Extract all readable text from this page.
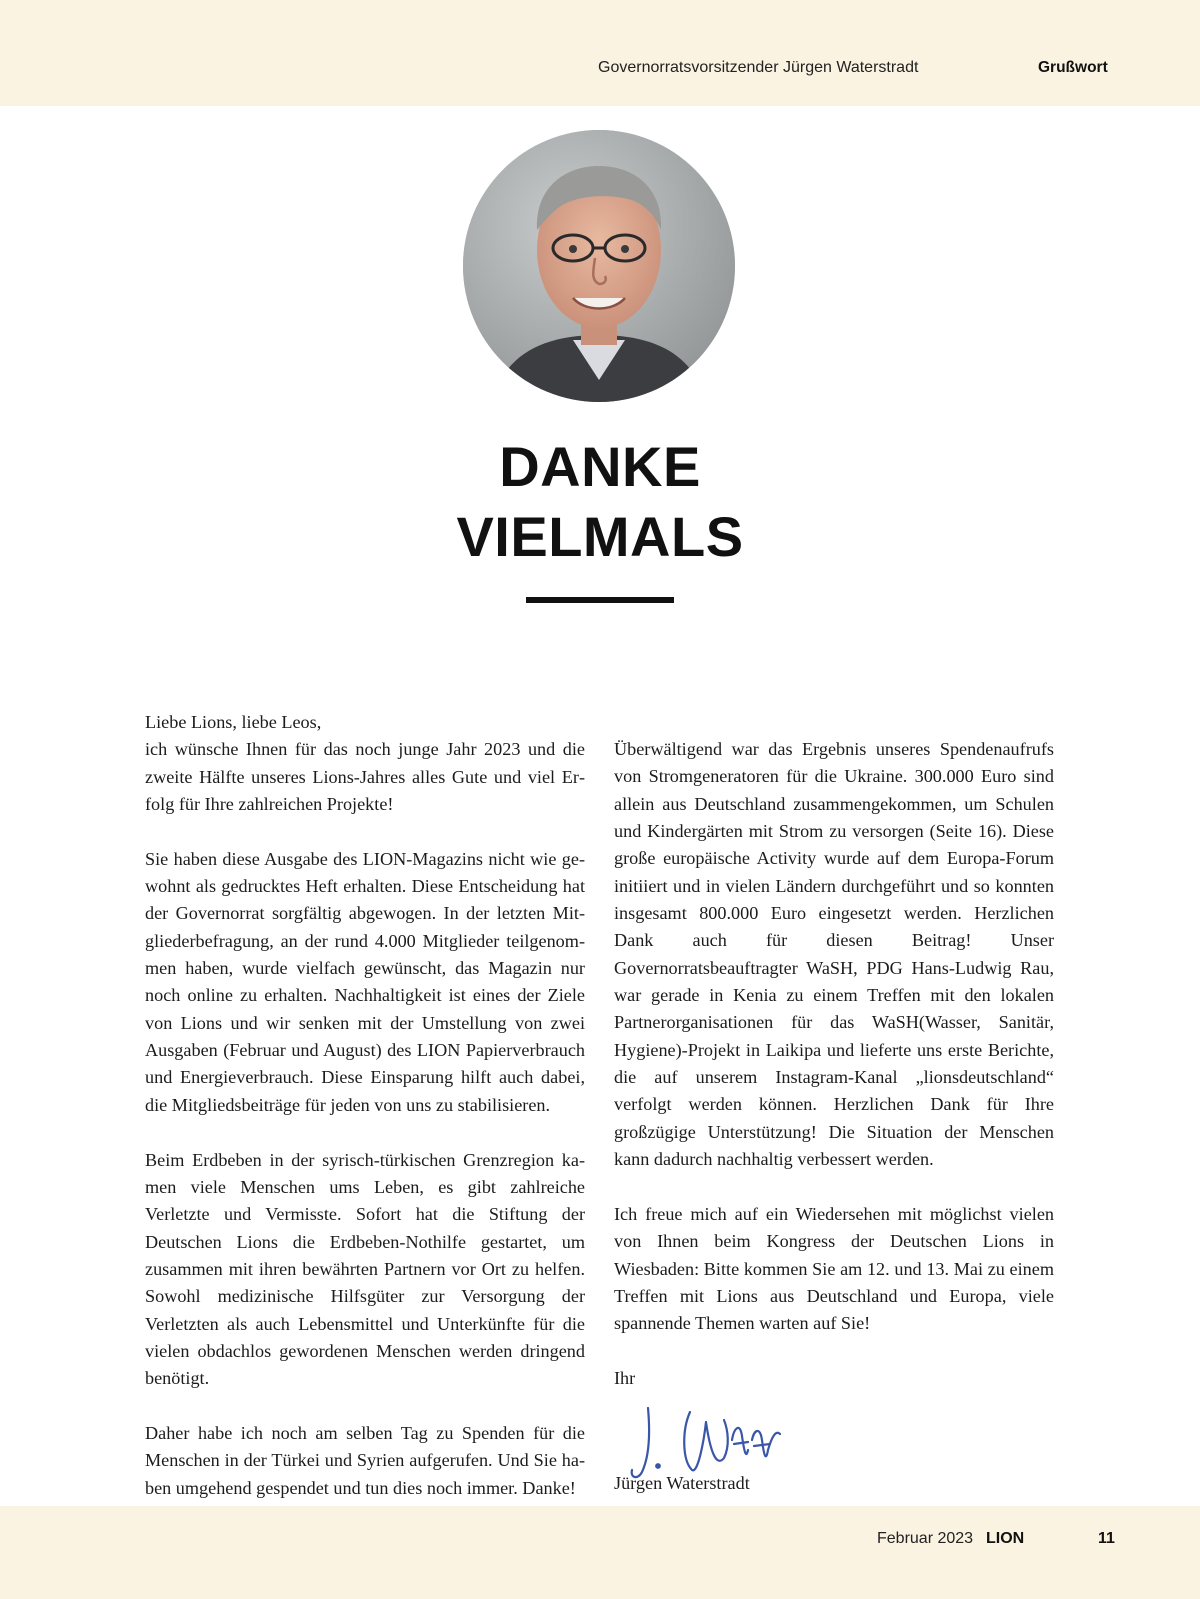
Governorratsvorsitzender Jürgen Waterstradt	Grußwort
DANKE
VIELMALS

Liebe Lions, liebe Leos,

ich wünsche Ihnen für das noch junge Jahr 2023 und die zweite Hälfte unseres Lions-Jahres alles Gute und viel Erfolg für Ihre zahlreichen Projekte!

Sie haben diese Ausgabe des LION-Magazins nicht wie gewohnt als gedrucktes Heft erhalten. Diese Entscheidung hat der Governorrat sorgfältig abgewogen. In der letzten Mitgliederbefragung, an der rund 4.000 Mitglieder teilgenommen haben, wurde vielfach gewünscht, das Magazin nur noch online zu erhalten. Nachhaltigkeit ist eines der Ziele von Lions und wir senken mit der Umstellung von zwei Ausgaben (Februar und August) des LION Papierverbrauch und Energieverbrauch. Diese Einsparung hilft auch dabei, die Mitgliedsbeiträge für jeden von uns zu stabilisieren.

Beim Erdbeben in der syrisch-türkischen Grenzregion kamen viele Menschen ums Leben, es gibt zahlreiche Verletzte und Vermisste. Sofort hat die Stiftung der Deutschen Lions die Erdbeben-Nothilfe gestartet, um zusammen mit ihren bewährten Partnern vor Ort zu helfen. Sowohl medizinische Hilfsgüter zur Versorgung der Verletzten als auch Lebensmittel und Unterkünfte für die vielen obdachlos gewordenen Menschen werden dringend benötigt.

Daher habe ich noch am selben Tag zu Spenden für die Menschen in der Türkei und Syrien aufgerufen. Und Sie haben umgehend gespendet und tun dies noch immer. Danke!

Überwältigend war das Ergebnis unseres Spendenaufrufs von Stromgeneratoren für die Ukraine. 300.000 Euro sind allein aus Deutschland zusammengekommen, um Schulen und Kindergärten mit Strom zu versorgen (Seite 16). Diese große europäische Activity wurde auf dem Europa-Forum initiiert und in vielen Ländern durchgeführt und so konnten insgesamt 800.000 Euro eingesetzt werden. Herzlichen Dank auch für diesen Beitrag! Unser Governorratsbeauftragter WaSH, PDG Hans-Ludwig Rau, war gerade in Kenia zu einem Treffen mit den lokalen Partnerorganisationen für das WaSH(Wasser, Sanitär, Hygiene)-Projekt in Laikipa und lieferte uns erste Berichte, die auf unserem Instagram-Kanal „lionsdeutschland“ verfolgt werden können. Herzlichen Dank für Ihre großzügige Unterstützung! Die Situation der Menschen kann dadurch nachhaltig verbessert werden.

Ich freue mich auf ein Wiedersehen mit möglichst vielen von Ihnen beim Kongress der Deutschen Lions in Wiesbaden: Bitte kommen Sie am 12. und 13. Mai zu einem Treffen mit Lions aus Deutschland und Europa, viele spannende Themen warten auf Sie!

Ihr

Jürgen Waterstradt

Februar 2023 LION	11
